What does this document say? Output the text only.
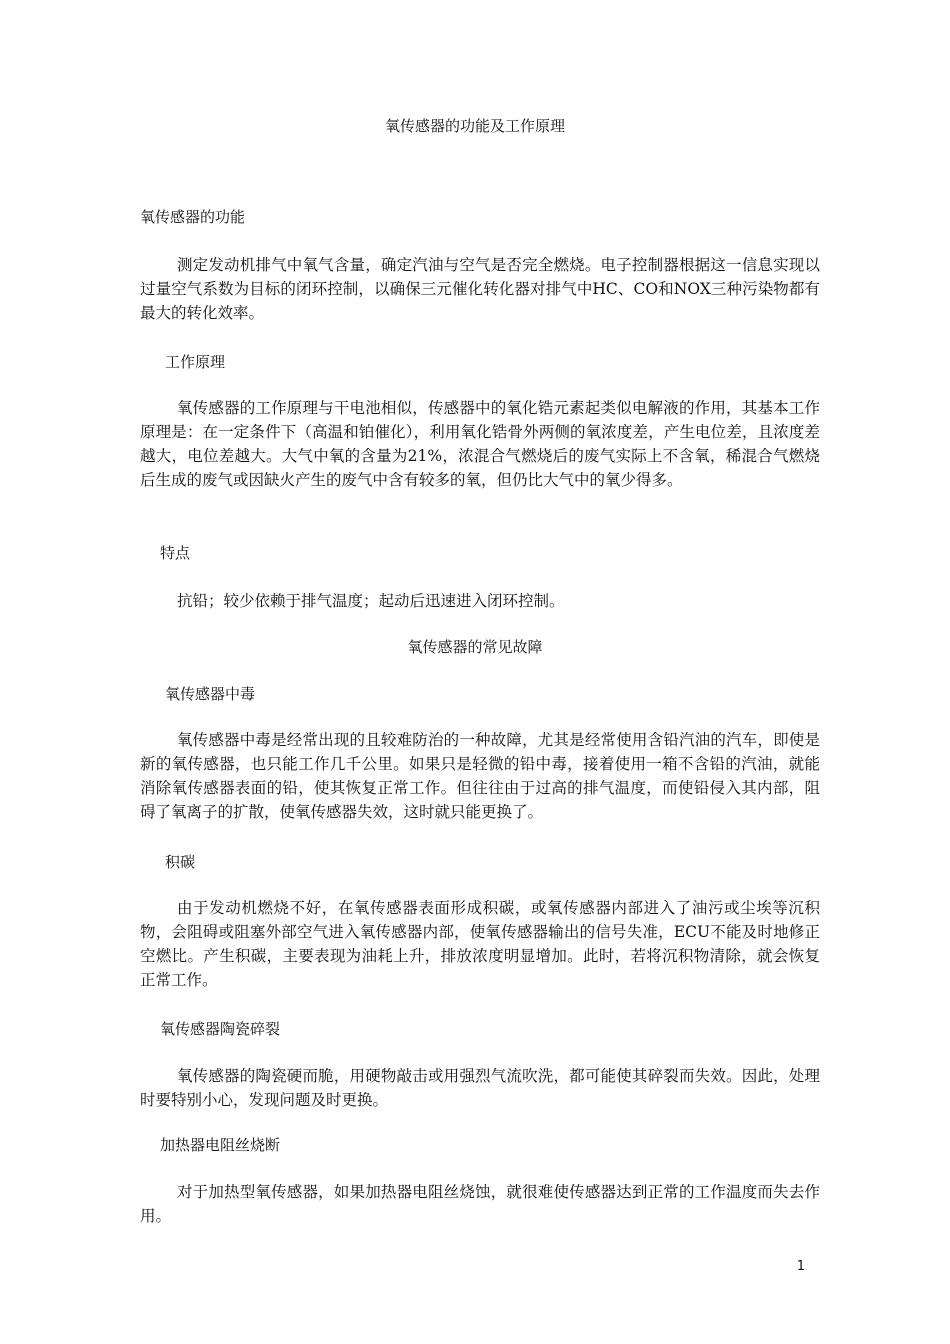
氧传感器的功能及工作原理
氧传感器的功能

测定发动机排气中氧气含量，确定汽油与空气是否完全燃烧。电子控制器根据这一信息实现以过量空气系数为目标的闭环控制，以确保三元催化转化器对排气中HC、CO和NOX三种污染物都有最大的转化效率。

工作原理

氧传感器的工作原理与干电池相似，传感器中的氧化锆元素起类似电解液的作用，其基本工作原理是：在一定条件下（高温和铂催化），利用氧化锆骨外两侧的氧浓度差，产生电位差，且浓度差越大，电位差越大。大气中氧的含量为21%，浓混合气燃烧后的废气实际上不含氧，稀混合气燃烧后生成的废气或因缺火产生的废气中含有较多的氧，但仍比大气中的氧少得多。

特点

抗铅；较少依赖于排气温度；起动后迅速进入闭环控制。

氧传感器的常见故障
氧传感器中毒

氧传感器中毒是经常出现的且较难防治的一种故障，尤其是经常使用含铅汽油的汽车，即使是新的氧传感器，也只能工作几千公里。如果只是轻微的铅中毒，接着使用一箱不含铅的汽油，就能消除氧传感器表面的铅，使其恢复正常工作。但往往由于过高的排气温度，而使铅侵入其内部，阻碍了氧离子的扩散，使氧传感器失效，这时就只能更换了。

积碳

由于发动机燃烧不好，在氧传感器表面形成积碳，或氧传感器内部进入了油污或尘埃等沉积物，会阻碍或阻塞外部空气进入氧传感器内部，使氧传感器输出的信号失准，ECU不能及时地修正空燃比。产生积碳，主要表现为油耗上升，排放浓度明显增加。此时，若将沉积物清除，就会恢复正常工作。

氧传感器陶瓷碎裂

氧传感器的陶瓷硬而脆，用硬物敲击或用强烈气流吹洗，都可能使其碎裂而失效。因此，处理时要特别小心，发现问题及时更换。

加热器电阻丝烧断

对于加热型氧传感器，如果加热器电阻丝烧蚀，就很难使传感器达到正常的工作温度而失去作用。

1
